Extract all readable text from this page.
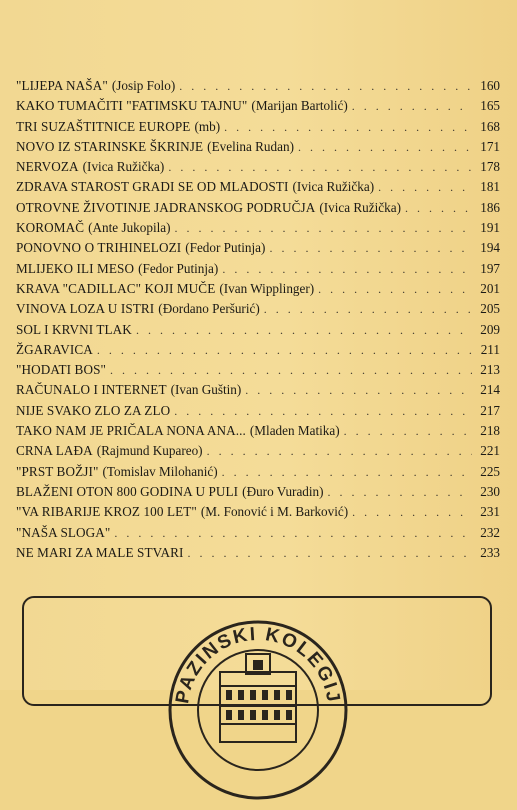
"LIJEPA NAŠA" (Josip Folo) . . .	160
KAKO TUMAČITI "FATIMSKU TAJNU" (Marijan Bartolić) . . .	165
TRI SUZAŠTITNICE EUROPE (mb) . . .	168
NOVO IZ STARINSKE ŠKRINJE (Evelina Rudan) . . .	171
NERVOZA (Ivica Ružička) . . .	178
ZDRAVA STAROST GRADI SE OD MLADOSTI (Ivica Ružička) . . .	181
OTROVNE ŽIVOTINJE JADRANSKOG PODRUČJA (Ivica Ružička) . . .	186
KOROMAČ (Ante Jukopila) . . .	191
PONOVNO O TRIHINELOZI (Fedor Putinja) . . .	194
MLIJEKO ILI MESO (Fedor Putinja) . . .	197
KRAVA "CADILLAC" KOJI MUČE (Ivan Wipplinger) . . .	201
VINOVA LOZA U ISTRI (Đordano Peršurić) . . .	205
SOL I KRVNI TLAK . . .	209
ŽGARAVICA . . .	211
"HODATI BOS" . . .	213
RAČUNALO I INTERNET (Ivan Guštin) . . .	214
NIJE SVAKO ZLO ZA ZLO . . .	217
TAKO NAM JE PRIČALA NONA ANA... (Mladen Matika) . . .	218
CRNA LAĐA (Rajmund Kupareo) . . .	221
"PRST BOŽJI" (Tomislav Milohanić) . . .	225
BLAŽENI OTON 800 GODINA U PULI (Đuro Vuradin) . . .	230
"VA RIBARIJE KROZ 100 LET" (M. Fonović i M. Barković) . . .	231
"NAŠA SLOGA" . . .	232
NE MARI ZA MALE STVARI . . .	233
PAZINSKI KOLEGIJ
